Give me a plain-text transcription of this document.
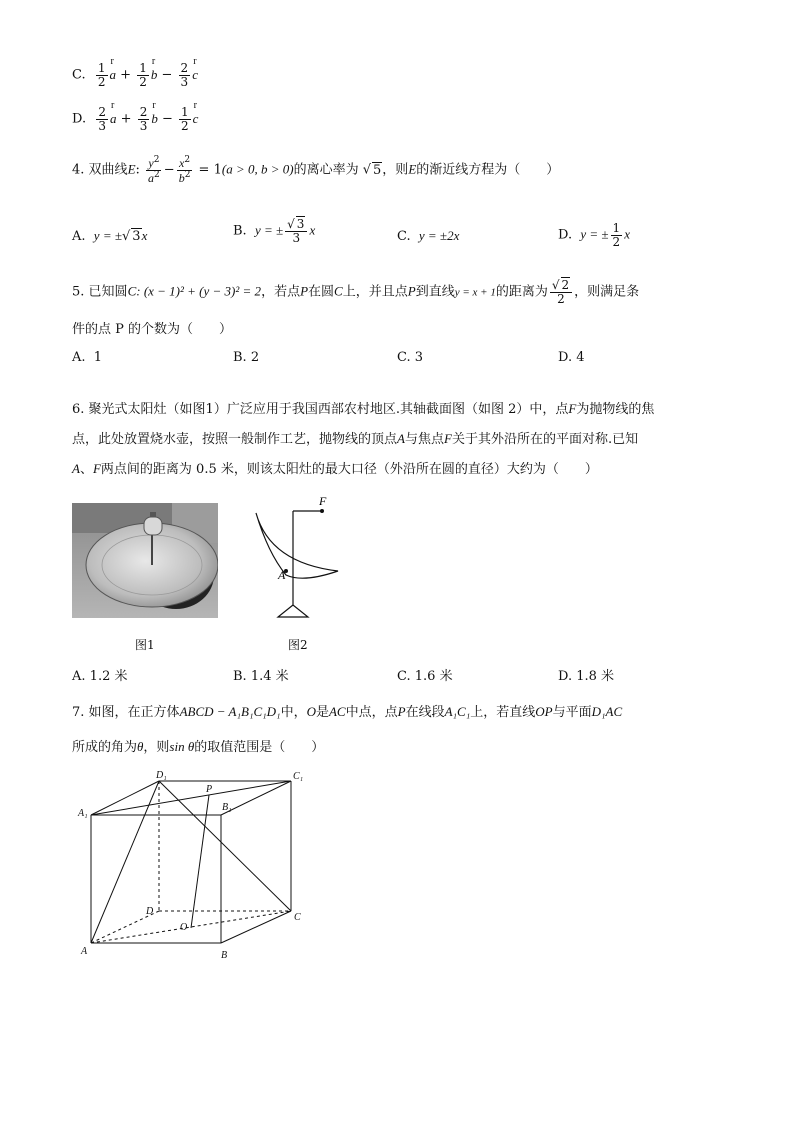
C. $\frac{1}{2}$
r
$a + \frac{1}{2}$
r
$b - \frac{2}{3}$
r
c
D. $\frac{2}{3}$
r
$a + \frac{2}{3}$
r
$b - \frac{1}{2}$
r
c
4. 双曲线E: $\frac{y^2}{a^2} - \frac{x^2}{b^2} = 1(a > 0$, b > 0)的离心率为 √ 5，则E的渐近线方程为（　　）
A. y = ±√ 3x	B. y = ± $\frac{√ 3}{3}$ x	C. y = ±2x	D. y = ± $\frac{1}{2}$ x
5. 已知圆C: (x − 1)² + (y − 3)² = 2，若点P在圆C上，并且点P到直线y = x + 1的距离为 $\frac{√ 2}{2}$ ，则满足条
件的点 P 的个数为（　　）
A. 1	B. 2	C. 3	D. 4
6. 聚光式太阳灶（如图1）广泛应用于我国西部农村地区.其轴截面图（如图 2）中，点F为抛物线的焦
点，此处放置烧水壶，按照一般制作工艺，抛物线的顶点A与焦点F关于其外沿所在的平面对称.已知
A、F两点间的距离为 0.5 米，则该太阳灶的最大口径（外沿所在圆的直径）大约为（　　）
图1
F
A
图2
A. 1.2 米	B. 1.4 米	C. 1.6 米	D. 1.8 米
7. 如图，在正方体ABCD − A₁B₁C₁D₁中，O是AC中点，点P在线段A₁C₁上，若直线OP与平面D₁AC
所成的角为θ，则sin θ的取值范围是（　　）
D₁	C₁
A₁
B₁
P
D
C
O
A	B
